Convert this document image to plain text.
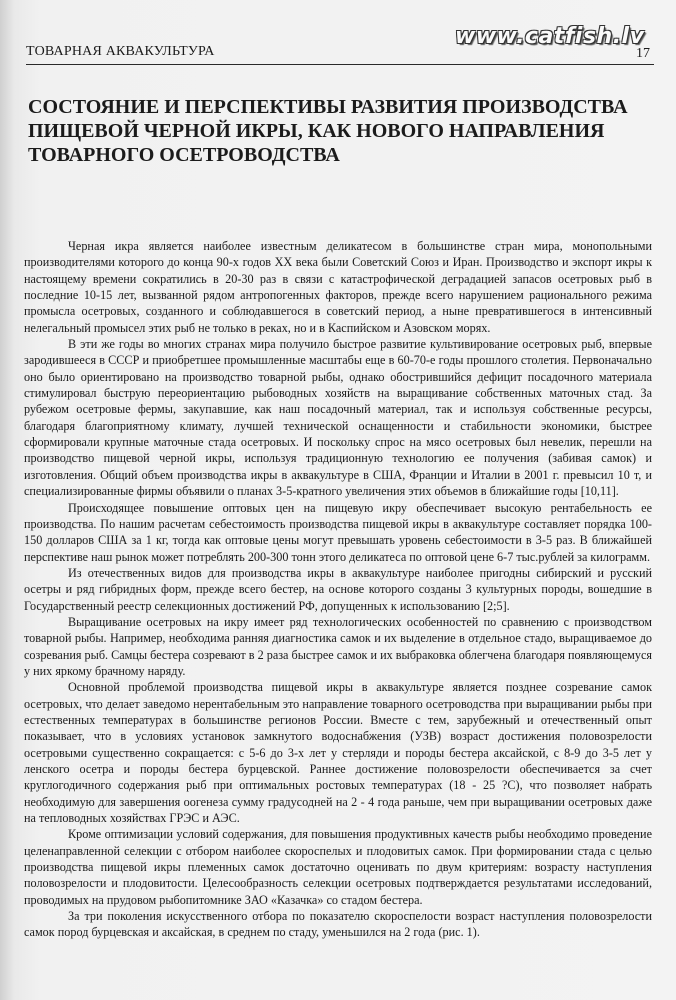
ТОВАРНАЯ АКВАКУЛЬТУРА
www.catfish.lv
17
СОСТОЯНИЕ И ПЕРСПЕКТИВЫ РАЗВИТИЯ ПРОИЗВОДСТВА ПИЩЕВОЙ ЧЕРНОЙ ИКРЫ, КАК НОВОГО НАПРАВЛЕНИЯ ТОВАРНОГО ОСЕТРОВОДСТВА

Черная икра является наиболее известным деликатесом в большинстве стран мира, монопольными производителями которого до конца 90-х годов XX века были Советский Союз и Иран. Производство и экспорт икры к настоящему времени сократились в 20-30 раз в связи с катастрофической деградацией запасов осетровых рыб в последние 10-15 лет, вызванной рядом антропогенных факторов, прежде всего нарушением рационального режима промысла осетровых, созданного и соблюдавшегося в советский период, а ныне превратившегося в интенсивный нелегальный промысел этих рыб не только в реках, но и в Каспийском и Азовском морях.

В эти же годы во многих странах мира получило быстрое развитие культивирование осетровых рыб, впервые зародившееся в СССР и приобретшее промышленные масштабы еще в 60-70-е годы прошлого столетия. Первоначально оно было ориентировано на производство товарной рыбы, однако обострившийся дефицит посадочного материала стимулировал быструю переориентацию рыбоводных хозяйств на выращивание собственных маточных стад. За рубежом осетровые фермы, закупавшие, как наш посадочный материал, так и используя собственные ресурсы, благодаря благоприятному климату, лучшей технической оснащенности и стабильности экономики, быстрее сформировали крупные маточные стада осетровых. И поскольку спрос на мясо осетровых был невелик, перешли на производство пищевой черной икры, используя традиционную технологию ее получения (забивая самок) и изготовления. Общий объем производства икры в аквакультуре в США, Франции и Италии в 2001 г. превысил 10 т, и специализированные фирмы объявили о планах 3-5-кратного увеличения этих объемов в ближайшие годы [10,11].

Происходящее повышение оптовых цен на пищевую икру обеспечивает высокую рентабельность ее производства. По нашим расчетам себестоимость производства пищевой икры в аквакультуре составляет порядка 100-150 долларов США за 1 кг, тогда как оптовые цены могут превышать уровень себестоимости в 3-5 раз. В ближайшей перспективе наш рынок может потреблять 200-300 тонн этого деликатеса по оптовой цене 6-7 тыс.рублей за килограмм.

Из отечественных видов для производства икры в аквакультуре наиболее пригодны сибирский и русский осетры и ряд гибридных форм, прежде всего бестер, на основе которого созданы 3 культурных породы, вошедшие в Государственный реестр селекционных достижений РФ, допущенных к использованию [2;5].

Выращивание осетровых на икру имеет ряд технологических особенностей по сравнению с производством товарной рыбы. Например, необходима ранняя диагностика самок и их выделение в отдельное стадо, выращиваемое до созревания рыб. Самцы бестера созревают в 2 раза быстрее самок и их выбраковка облегчена благодаря появляющемуся у них яркому брачному наряду.

Основной проблемой производства пищевой икры в аквакультуре является позднее созревание самок осетровых, что делает заведомо нерентабельным это направление товарного осетроводства при выращивании рыбы при естественных температурах в большинстве регионов России. Вместе с тем, зарубежный и отечественный опыт показывает, что в условиях установок замкнутого водоснабжения (УЗВ) возраст достижения половозрелости осетровыми существенно сокращается: с 5-6 до 3-х лет у стерляди и породы бестера аксайской, с 8-9 до 3-5 лет у ленского осетра и породы бестера бурцевской. Раннее достижение половозрелости обеспечивается за счет круглогодичного содержания рыб при оптимальных ростовых температурах (18 - 25 ?С), что позволяет набрать необходимую для завершения оогенеза сумму градусодней на 2 - 4 года раньше, чем при выращивании осетровых даже на тепловодных хозяйствах ГРЭС и АЭС.

Кроме оптимизации условий содержания, для повышения продуктивных качеств рыбы необходимо проведение целенаправленной селекции с отбором наиболее скороспелых и плодовитых самок. При формировании стада с целью производства пищевой икры племенных самок достаточно оценивать по двум критериям: возрасту наступления половозрелости и плодовитости. Целесообразность селекции осетровых подтверждается результатами исследований, проводимых на прудовом рыбопитомнике ЗАО «Казачка» со стадом бестера.

За три поколения искусственного отбора по показателю скороспелости возраст наступления половозрелости самок пород бурцевская и аксайская, в среднем по стаду, уменьшился на 2 года (рис. 1).
